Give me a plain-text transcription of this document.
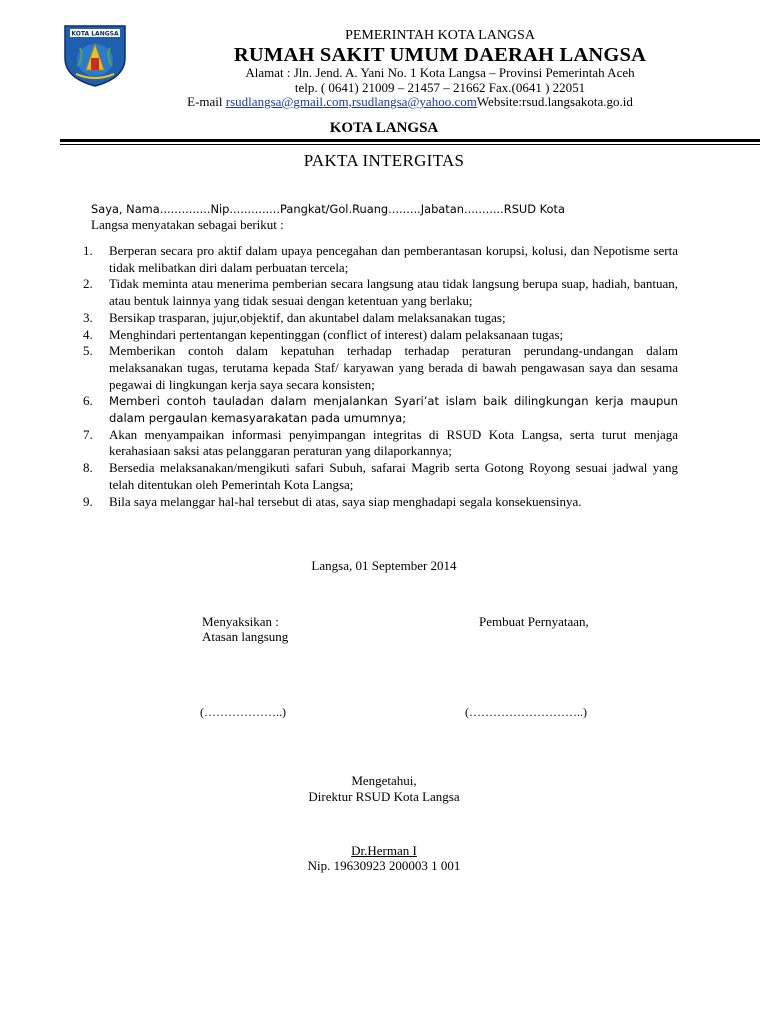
KOTA LANGSA	PEMERINTAH KOTA LANGSA
RUMAH SAKIT UMUM DAERAH LANGSA
Alamat : Jln. Jend. A. Yani No. 1 Kota Langsa – Provinsi Pemerintah Aceh
telp. ( 0641) 21009 – 21457 – 21662 Fax.(0641 ) 22051
E-mail rsudlangsa@gmail.com,rsudlangsa@yahoo.comWebsite:rsud.langsakota.go.id
KOTA LANGSA
PAKTA INTERGITAS
Saya, Nama..............Nip..............Pangkat/Gol.Ruang.........Jabatan...........RSUD Kota
Langsa menyatakan sebagai berikut :
1. Berperan secara pro aktif dalam upaya pencegahan dan pemberantasan korupsi, kolusi, dan Nepotisme serta tidak melibatkan diri dalam perbuatan tercela;
2. Tidak meminta atau menerima pemberian secara langsung atau tidak langsung berupa suap, hadiah, bantuan, atau bentuk lainnya yang tidak sesuai dengan ketentuan yang berlaku;
3. Bersikap trasparan, jujur,objektif, dan akuntabel dalam melaksanakan tugas;
4. Menghindari pertentangan kepentinggan (conflict of interest) dalam pelaksanaan tugas;
5. Memberikan contoh dalam kepatuhan terhadap terhadap peraturan perundang-undangan dalam melaksanakan tugas, terutama kepada Staf/ karyawan yang berada di bawah pengawasan saya dan sesama pegawai di lingkungan kerja saya secara konsisten;
6. Memberi contoh tauladan dalam menjalankan Syari’at islam baik dilingkungan kerja maupun dalam pergaulan kemasyarakatan pada umumnya;
7. Akan menyampaikan informasi penyimpangan integritas di RSUD Kota Langsa, serta turut menjaga kerahasiaan saksi atas pelanggaran peraturan yang dilaporkannya;
8. Bersedia melaksanakan/mengikuti safari Subuh, safarai Magrib serta Gotong Royong sesuai jadwal yang telah ditentukan oleh Pemerintah Kota Langsa;
9. Bila saya melanggar hal-hal tersebut di atas, saya siap menghadapi segala konsekuensinya.
Langsa, 01 September 2014
Menyaksikan :
Atasan langsung
Pembuat Pernyataan,
(………………..)	(………………………..)
Mengetahui,
Direktur RSUD Kota Langsa
Dr.Herman I
Nip. 19630923 200003 1 001
